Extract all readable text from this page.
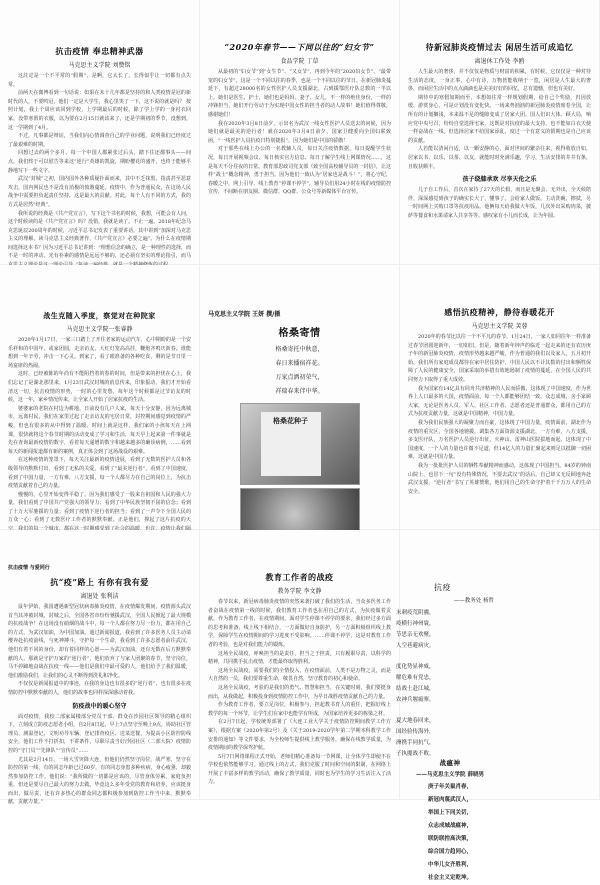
抗击疫情 奉忠精神武器
马克思主义学院 刘赞铭

这註定是一个不平常的“假期”，是啊，它太长了，长得似乎让一切都有点失常。

前两天在微博看到一句话说：如果在未十几年都是坚持的和人类疫情是冠的新时代的人，不要鸣冠，他们一定是大学生，我心里笑了一下，这不说的就是吗？ 按照计划，我上个周应该回到学校，上学期最后的时候。除了学上学的一身衬衣回家，没带寒假的衣服，以为要在2月15日就该来了，还是学期初的季节，没想到，这一学期到了4月。

不过，凡事都是辩证，当我们向心情调查自己的学业问题，说明我们已经度过了最艰难的时期。

回想过去的两个多月，每一个中国人都紧张过后头，踏下往还都事头——间点。我们终于可以慰告等来这“逆行”英雄的凯旋，期盼樱花的盛开，也终于能够平静地写下一些文字。

武汉“封城”之初，国内国外各种质疑扑面而来，其中不乏抹黑、指责甚至恶意攻击，国内网民也不是没有消极的愤懑蔓延。疫情中，作为普通民众，在这场人民战争中需要担负起责任坚持，这是最大的贡献。对此，每个人有不同的方式，我的方式是居然“经典”。

我所说的经典是《共产党宣言》，写下这个书名的时候，我想，可能会有人问，这个时候读的是《共产党宣言》吗？没错，我就是读了。不止一遍。2018年纪念马克思诞辰200周年的时候，习近平总书记发表了重要讲话，其中讲到“加深对马克思主义的理解，读马克思主义经典著作，《共产党宣言》必要之遍”。为什么在疫情期间选择这本书？因为习近平总书记讲到：“理想信念的确立，是一种理性的选择，而不是一时的冲动。光有朴素的感情是远远不够的，还必须有坚实的理论指引，而马

“2020年春节——下同以往的“妇女节”
食品学院 丁草

从最初的“妇女节”到“女生节”、“又女节”，再到今年的“2020妇女节”、“最带宠的妇女节”，这是一个不同以往的春季，也是一个不同以往的节日。在新冠肺炎蔓延下，有超过28000名的女性医护人员支援湖北，占到援鄂医疗队总数的一半以上。她们是医生、护士，她们也是妈妈、妻子、女儿，不一样的绝佳身份，一样的冲锋担当，她们开行劳动于为实现中国女性的担当者的动人故事！她们值得尊敬，感谢她们！

我在2020年3月8日前夕，示出名为武汉一线女性医护人员送去的问候，因为她们就是最美的逆行者！就在2020年3月8日前夕，国家卫健委向全国妇联致函，“一线医护人员抗疫日特别捷报”，因为她们是中国的骄傲！

对于那些在线上办公的一名教辅人员，每日关注疫情数据，每日提醒学生状况，每日开展视频会议、每日核实官方信息、每日了解学生线上网课情况……，这是每天不分昼夜的日常。教育部思政司党支部《致全国高校辅导员的一封信》，让这样“战士”概念精神，勇于担当。因为他们一致认为“居家也是战斗！”，将心守纪，春暖之中，网上引导、线上教育“停课不停学”，辅导员们用24小时在线的疫情防控宣传，不间断在朋友圈、微信群、QQ群、公众号等新媒体平台宣传。

待新冠肺炎疫情过去 闲居生活可成追忆
离退休工作处 李鸥

人生最大的奢侈，并不仅仅是物质与财富的积累，有时候，它仅仅是一种对待生活的态度，一身正事，心中有诗，万物皆能收纳于一览，闲居是人生最大的奢侈，而闲居生活中的点点滴滴也是美美好好的回忆，总有遗憾，但也有美好。

期待中的寒假如期而至，本想如往常一样规划假期，给自己个奖励，归因放缓、游赏身心，可是计划没有变化快。一场来势汹汹的新冠肺炎疫情席卷全国，让所有的计划搁浅，本来温不足的缝隙变成了居家大团。国人们识大体、顾大局，响应党中央号召，纷纷自觉选择宅家，这既是对抗疫的最大支持，也不能如白衣天使一样奋战在一线。但选择居家不给国家添乱，度过一个有意义的假期也是自己应该的贡献。

人若能以清闲自适，以一颗安静的心，面对世间的繁杂往来，视得收放自如，居家以书、以乐、以茶、以友，就能时时充满乐趣，学习，生活安排的井井有条，且收获颇丰。

孩子绕膝承欢 尽享天伦之乐

儿子自工作后，首次在家待了27天的长假，而且是无聚会、无外出，全天候陪伴，深深感觉到孩子的确实长大了，懂事了。会给家人做饭、主动洗碗、擦拭，另一时间网上买购口罩等抗疫用品。他俩每天给我做大年饭，几次外出采购肉菜，披萨等餐食和水果请家人共享等等。感叹家有小儿而长成，让为年圆。

战生克随入季度，察觉对在种院家
马克思主义学院一张睿静

2020年1月17日，一家三口踏上了开往老家的运动汽车，心中期盼的是一个安乐祥和的中国年，或家团圆，走亲访友，大红灯笼高高挂，鞭炮齐鸣庆新春。谁能想到一年辛劳，冲击一下心灵。到家了，看了眼准备的各种吃食，剩的是节日里一场宴席的热闹。

这时，已经被陈的年尚有不能阻挡着的春的时间，但是带来的担忧在心上，我们忘记了是湖北那里来，1月23日武汉封城的消息传来，印象振动，我们才开始看清这一切，抗击疫情的形势，一时的心里发愁，每年这个时候都是过节访友的时候，这一年，家乡情况传来，让全家人开始了居家抗疫的生活。

婆婆家的老院在村边为耕地，日前没有几户人家，每天十分安静，因为远离城市，远离村民，我们在家里过起了走亲访友的宅居日常，封控期间感觉到疫情的严峻，但也有很多的从中得到了温暖，时间上就是这样，我们家的小孩每天在上网课，很快就将这个春节时期的活动变成了学习和生活，每天早上起来第一件事就是先在查询最新疫情的数字，看着每天递增的数字和越来越多的确诊病例，……看到每天的新闻报道都有新的案例，真正体会到了这场战役的艰难。

在这种疫情的笼罩下，每天关注最新的疫情进展，看到了无数的医护人员和各级领导的默默付出，看到了无私的关爱，看到了“最美逆行者”，看到了中国速度，看到了中国力量，一方有难，八方支援，每一个人都尽力在自己的岗位上，为抗击疫情贡献着自己的力量。

慢慢的，心里开始变得平稳了。因为我们感受了一股来自祖国和人民的强大力量，我们看到了中国共产党强大的领导力；看到了中华民族坚韧不屈的信念；看到了十万大军驰援的力量；看到了疫情下逆行者的担当；看到了一声令下全国人民的万众一心；看到了无数医疗工作者的默默奉献。正是他们，撑起了这片抗疫的天

马克思主义学院 王妍 撰/摄
格桑寄情
格桑寄托中秋意，
春日来播宿祥花。
万家点洒初荣气，
祥瑞春来伴中华。
格桑花种子
感悟抗疫精神，静待春暖花开
马克思主义学院 芙蓉

2020年的春节比以往一个不平凡的春节，1月24日，一家人如同往年一样准备过春节团圆迎新年，一切如旧，但是，随着新年钟声的临近一起走来的还有农历庚子年的新冠肺炎疫情，疫情形势越来越严峻，作为普通的我们以及家人，五月初开始，我们所有家庭成员都待在家中居住防护，中国人民以不计其数的付出和牺牲保障了人民的健康安全，国家采取的举措有效地遏制了疫情的蔓延，在全国人民的共同努力下取得了重大成效。

我为国家有14亿具有同舟共济精神的人民而骄傲，这体现了中国速度，作为世界上人口最多的大国，疫情面前，每一个人都能够团结一致、众志成城，舍小家顾大家，无论是医务人员、军人、社区工作者、志愿者还是普通群众，都用自己的方式为抗疫贡献力量，这就是中国精神，中国力量。

我为我们民族强大的凝聚力而自豪，这体现了中国力量，疫情面前，湖北作为疫情的重灾区，全国各地驰援，调集各方面资源支援湖北，一方有难，八方支援，多支医疗队，万名医护人员逆行出征，火神山、雷神山医院拔地而起，这体现了中国速度，一个人的力量也许微不足道，但14亿人的力量汇聚起来则足以抵御一切困难，这就是中国力量。

我为一批批医护人员的牺牲奉献精神而感动，这体现了中国担当。84岁的钟南山院士，也冒下一句“没有特殊情况，不要去武汉”的话后，自己却义无反顾地奔赴武汉支援，“逆行者”书写了英雄赞歌，他们用自己的生命守护着千千万万人的生命安全。

抗击疫情 与爱同行
抗“疫”路上 有你有我有爱
离退处 张利洁

鼠年伊始，我国遭遇新型冠状病毒肺炎疫情，在疫情爆发期间，疫情源头武汉首当其冲被封城，封城之后，全国各省市纷纷驰援武汉，全国人民掀起了最大规模的抗疫战争！在这场没有硝烟的战斗中，每一个人都在努力尽一份力，都在用自己的方式，为武汉加油，为中国加油。通过新闻报道，我看到了许多医务人员主动请缨奔赴抗疫前线，与死神搏斗，守护每一个生命，我看到了许多志愿者前往武汉，他们有着不同的身份，却有着同样的心愿——为武汉加油，还有无数在后方默默奉献的人，那就是守护万家的“逆行者”，他们放弃了与家人团聚的春节，坚守岗位，马不停蹄地奋战在抗疫一线——他们是我们中最可爱的人，他们给予了我们温暖，他们激励我们，让我们的心灵不断得到洗礼和净化。

不仅仅是新闻报道中的事迹，在我的身边也有很多的“逆行者”，也有很多在疫情防控中默默奉献的人，他们的故事也同样深深感动着我。

防疫战中的暖心坚守

面对疫情，我校二部家属楼部分党员干部、群众在沙园社区领导的精心组织下，立刻成立防疫志愿者小组，自2月8日起，早上7点坚守至晚上9点，协助社区管理员、测温登记、文明劝导车辆、登记排查疫区、送菜送餐，为提高小区防控防线安全，他们工作不打折扣，不讲条件，尽职尽责当好沙园社区（二部大院）疫情防控的“守门员”“先锋队”“宣传员”……

尤其是2月14日，一场大雪突降大连，但他们仍然坚守岗位，战严寒，坚守在防控的第一线，有的同志年龄已过60岁，有的同志身患多种疾病，身心疲惫，却毅然参加防控工作。他们说：“我所做的一切都是应该的，尽管身体劳累，家庭负担重，但还是要尽自己最大的努力去做。毕竟这么多年受党的教育和培养，应该挺身而出，做尽责，还有许多热心的群众同志都积极参加到防控工作当中来，默默奉献，贡献力量。”

教育工作者的战疫
教务学院 李文静

春节以来，新冠病毒肺炎疫情的突然来袭打破了我们的生活，当众多医务工作者奋战在疫情第一线的时候，我们教育工作者也在用自己的方式，为抗疫做着贡献，作为教育工作者，在疫情期间，面对学生停课不停学的要求，我们经过多方面的思考和准备，线上线下相结合，一方面做好自身防护，另一方面积极组织线上教学，保障学生在疫情期间的学习进度不受影响。……停课不停学，这是对教育工作者的考验，也是对我们能力的锻炼。

这场全民战疫，呼唤担当的是责任，担当之于担责，只有履职尽责，以科学的精神，共同携手抗击疫情，才能最终取得胜利。

这场全民战疫，需要我们的全情投入，在疫情面前，人类不是万物之灵，而是大自然的一员，我们要尊重生命，敬畏自然，坚守教育的初心和使命。

这场全民战疫，考验的是我们的勇气、智慧和担当，在关键时刻，我们要挺身而出，从我做起，积极投身到疫情防控工作中，为早日战胜疫情贡献自己的力量。

作为教育工作者，要立足岗位，积极参与，担起教书育人的重任，把握好线上教学的每一个环节，让学生们在家中也能学有所成，为国家培养更多的栋梁之材。

在2月7日起，学校统筹部署了《大连工业大学关于疫情防控期间教学工作方案》，根据方案（2020年第2号）及《关于2019-2020学年第二学期本科教学工作安排的通知》等文件要求，为全校师生提供线上教学服务，确保在线教学质量，为疫情期间的教学保驾护航。

5月7日网络课程正式开始，老师们精心准备每一节网课，让全体学生即使不在学校也依然能够学习。通过线上的方式，我们克服了时间和空间的限制，在网络上开展了丰富多样的教学活动，确保了教学质量，同时也为学生的学习生活注入了活力。

抗疫
——教务处 杨哲
末刺疫荒阴霾，
疫横行神州寰，
节思亲无欢聚，
人空巷避病灾。
度化势显神威，
解危难有党忠，
结战士赴江城，
农神兵堰瘟寨。
夏大地春回来，
国经验传海外，
洲携手同抗气，
子执魔战不败。

战瘟神
——马克思主义学院 薛晓男
庚子年关鼠肖春，
新冠肉蔑武汉人，
举国上下同关切，
众志成城战瘟神，
联防联控高决策，
综合国力趋同心，
中华儿女齐胜利，
社会主义定乾坤。
